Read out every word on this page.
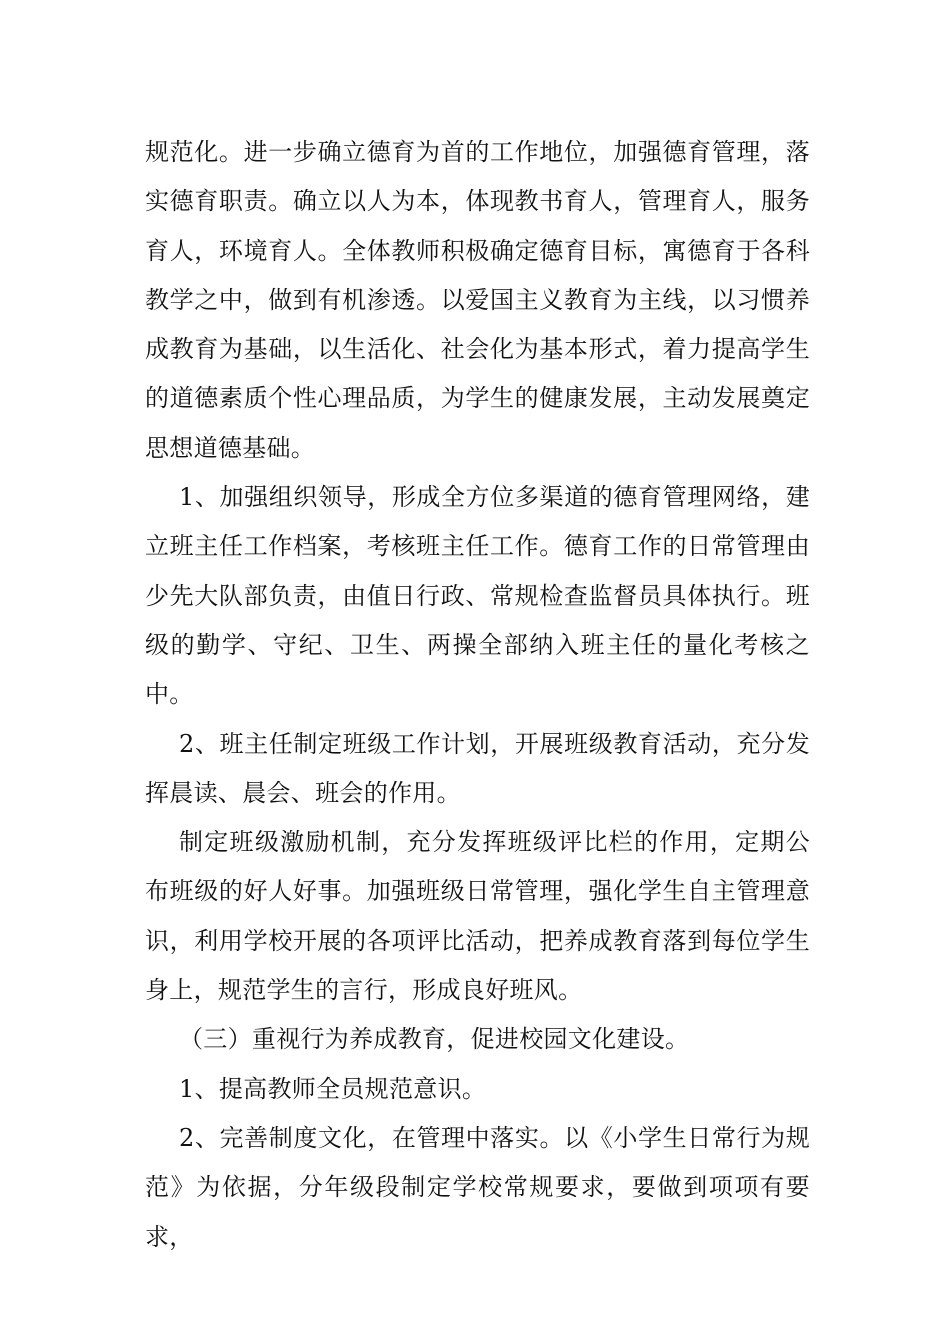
规范化。进一步确立德育为首的工作地位，加强德育管理，落实德育职责。确立以人为本，体现教书育人，管理育人，服务育人，环境育人。全体教师积极确定德育目标，寓德育于各科教学之中，做到有机渗透。以爱国主义教育为主线，以习惯养成教育为基础，以生活化、社会化为基本形式，着力提高学生的道德素质个性心理品质，为学生的健康发展，主动发展奠定思想道德基础。

1、加强组织领导，形成全方位多渠道的德育管理网络，建立班主任工作档案，考核班主任工作。德育工作的日常管理由少先大队部负责，由值日行政、常规检查监督员具体执行。班级的勤学、守纪、卫生、两操全部纳入班主任的量化考核之中。

2、班主任制定班级工作计划，开展班级教育活动，充分发挥晨读、晨会、班会的作用。

制定班级激励机制，充分发挥班级评比栏的作用，定期公布班级的好人好事。加强班级日常管理，强化学生自主管理意识，利用学校开展的各项评比活动，把养成教育落到每位学生身上，规范学生的言行，形成良好班风。

（三）重视行为养成教育，促进校园文化建设。

1、提高教师全员规范意识。

2、完善制度文化，在管理中落实。以《小学生日常行为规范》为依据，分年级段制定学校常规要求，要做到项项有要求，
